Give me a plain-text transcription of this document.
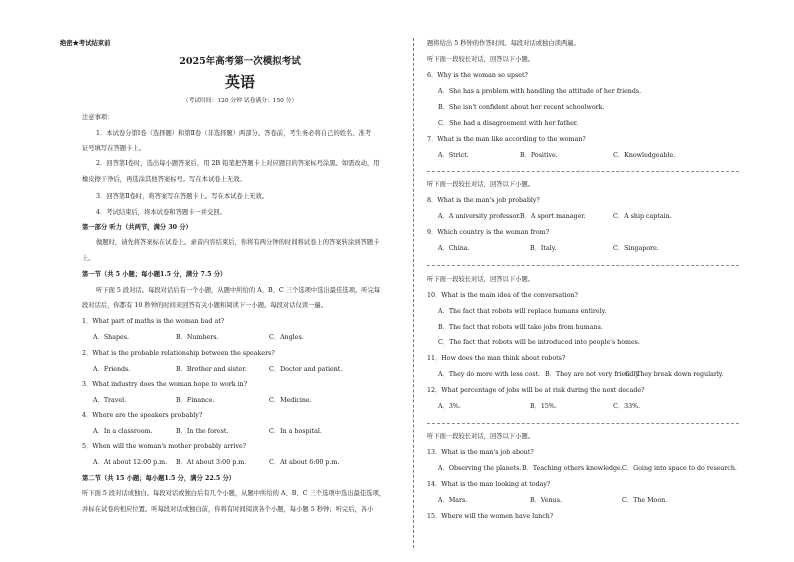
绝密★考试结束前
2025年高考第一次模拟考试
英语
（考试时间：120 分钟 试卷满分：150 分）
注意事项：
1．本试卷分第Ⅰ卷（选择题）和第Ⅱ卷（非选择题）两部分。答卷前，考生务必将自己的姓名、准考
证号填写在答题卡上。
2．回答第Ⅰ卷时，选出每小题答案后，用 2B 铅笔把答题卡上对应题目的答案标号涂黑。如需改动，用
橡皮擦干净后，再选涂其他答案标号。写在本试卷上无效。
3．回答第Ⅱ卷时，将答案写在答题卡上。写在本试卷上无效。
4．考试结束后，将本试卷和答题卡一并交回。
第一部分 听力（共两节，满分 30 分）
做题时，请先将答案标在试卷上。录音内容结束后，你将有两分钟的时间将试卷上的答案转涂到答题卡
上。
第一节（共 5 小题；每小题1.5 分，满分 7.5 分）
听下面 5 段对话。每段对话后有一个小题，从题中所给的 A、B、C 三个选项中选出最佳选项。听完每
段对话后，你都有 10 秒钟的时间来回答有关小题和阅读下一小题。每段对话仅读一遍。
1．What part of maths is the woman bad at?
A．Shapes.	B．Numbers.	C．Angles.
2．What is the probable relationship between the speakers?
A．Friends.	B．Brother and sister.	C．Doctor and patient.
3．What industry does the woman hope to work in?
A．Travel.	B．Finance.	C．Medicine.
4．Where are the speakers probably?
A．In a classroom.	B．In the forest.	C．In a hospital.
5．When will the woman's mother probably arrive?
A．At about 12:00 p.m. B．At about 3:00 p.m.	C．At about 6:00 p.m.
第二节（共 15 小题；每小题1.5 分，满分 22.5 分）
听下面 5 段对话或独白。每段对话或独白后有几个小题，从题中所给的 A、B、C 三个选项中选出最佳选项，
并标在试卷的相应位置。听每段对话或独白前，你将有时间阅读各个小题，每小题 5 秒钟；听完后，各小
题将给出 5 秒钟的作答时间。每段对话或独白读两遍。
听下面一段较长对话，回答以下小题。
6．Why is the woman so upset?
A．She has a problem with handling the attitude of her friends.
B．She isn't confident about her recent schoolwork.
C．She had a disagreement with her father.
7．What is the man like according to the woman?
A．Strict.	B．Positive.	C．Knowledgeable.
听下面一段较长对话，回答以下小题。
8．What is the man's job probably?
A．A university professor. B．A sport manager.	C．A ship captain.
9．Which country is the woman from?
A．China.	B．Italy.	C．Singapore.
听下面一段较长对话，回答以下小题。
10．What is the main idea of the conversation?
A．The fact that robots will replace humans entirely.
B．The fact that robots will take jobs from humans.
C．The fact that robots will be introduced into people's homes.
11．How does the man think about robots?
A．They do more with less cost. B．They are not very friendly.
C．They break down regularly.
12．What percentage of jobs will be at risk during the next decade?
A．3%.	B．15%.	C．33%.
听下面一段较长对话，回答以下小题。
13．What is the man's job about?
A．Observing the planets. B．Teaching others knowledge. C．Going into space to do research.
14．What is the man looking at today?
A．Mars.	B．Venus.	C．The Moon.
15．Where will the women have lunch?
